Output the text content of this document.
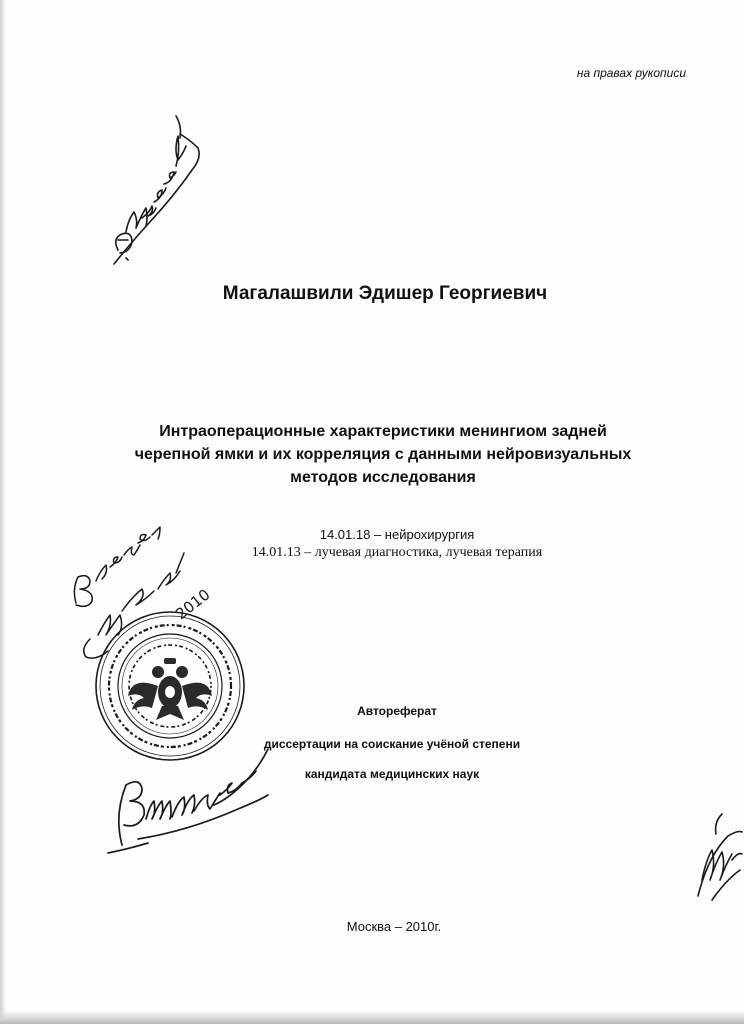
на правах рукописи
Магалашвили Эдишер Георгиевич
Интраоперационные характеристики менингиом задней
черепной ямки и их корреляция с данными нейровизуальных
методов исследования
14.01.18 – нейрохирургия
14.01.13 – лучевая диагностика, лучевая терапия
2010
Автореферат
диссертации на соискание учёной степени
кандидата медицинских наук
Москва – 2010г.
